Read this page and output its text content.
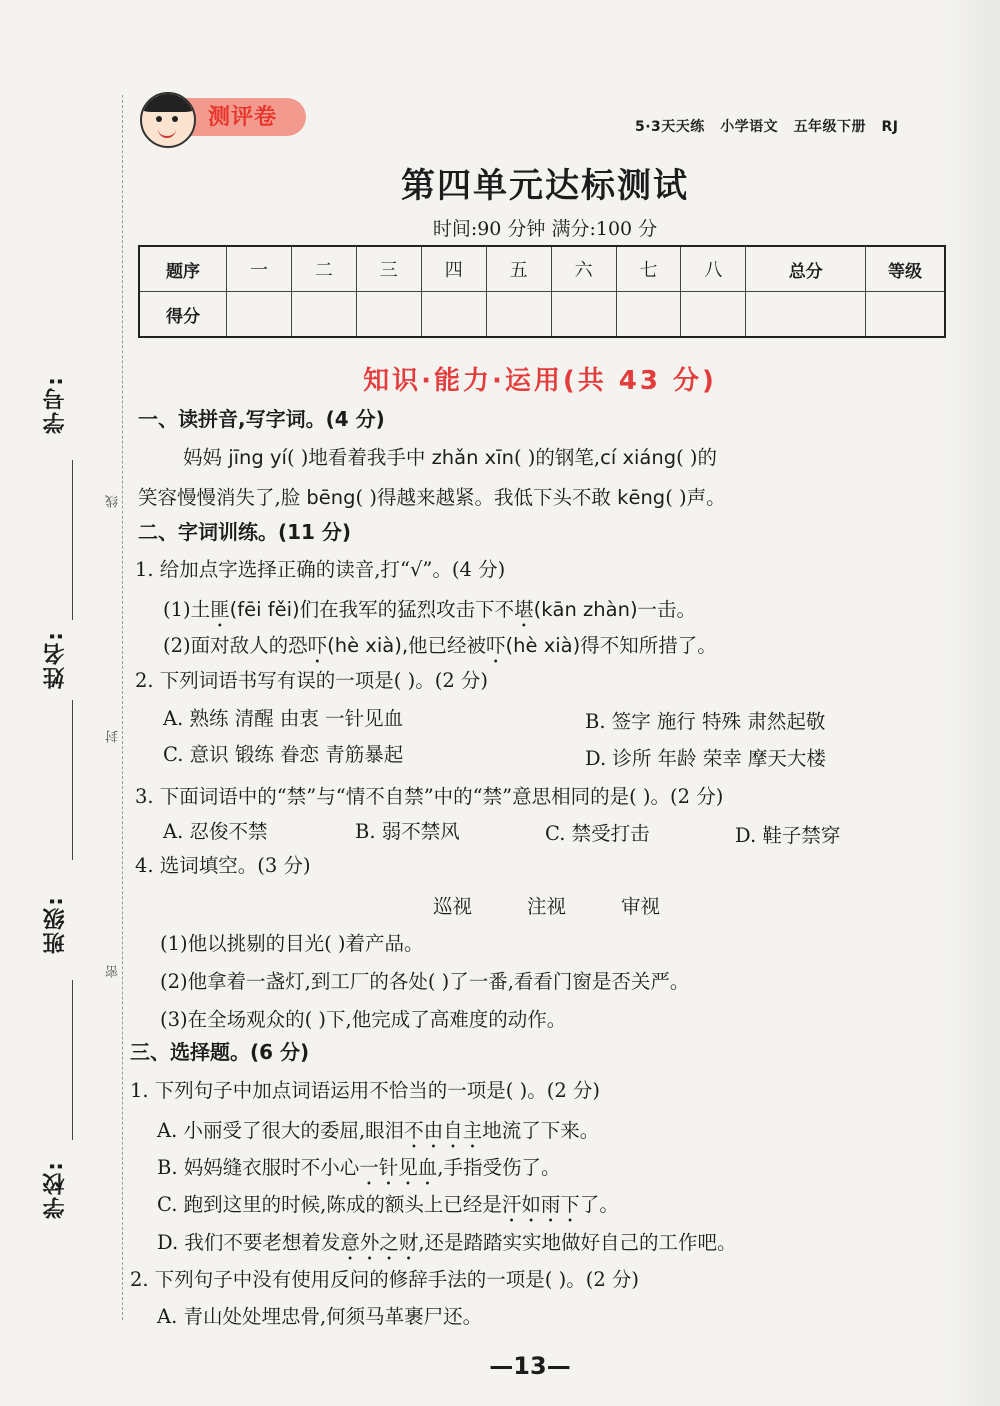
学号:
姓名:
班级:
学校:
线
封
密
测评卷	5·3天天练 小学语文 五年级下册 RJ
第四单元达标测试
时间:90 分钟 满分:100 分
题序	一	二	三	四	五	六	七	八	总分	等级
得分										
知识·能力·运用(共 43 分)
一、读拼音,写字词。(4 分)
妈妈 jīng yí( )地看着我手中 zhǎn xīn( )的钢笔,cí xiáng( )的
笑容慢慢消失了,脸 bēng( )得越来越紧。我低下头不敢 kēng( )声。
二、字词训练。(11 分)
1. 给加点字选择正确的读音,打“√”。(4 分)
(1)土匪(fēi fěi)们在我军的猛烈攻击下不堪(kān zhàn)一击。
(2)面对敌人的恐吓(hè xià),他已经被吓(hè xià)得不知所措了。
2. 下列词语书写有误的一项是( )。(2 分)
A. 熟练 清醒 由衷 一针见血	B. 签字 施行 特殊 肃然起敬
C. 意识 锻练 眷恋 青筋暴起	D. 诊所 年龄 荣幸 摩天大楼
3. 下面词语中的“禁”与“情不自禁”中的“禁”意思相同的是( )。(2 分)
A. 忍俊不禁	B. 弱不禁风	C. 禁受打击	D. 鞋子禁穿
4. 选词填空。(3 分)
巡视	注视	审视
(1)他以挑剔的目光( )着产品。
(2)他拿着一盏灯,到工厂的各处( )了一番,看看门窗是否关严。
(3)在全场观众的( )下,他完成了高难度的动作。
三、选择题。(6 分)
1. 下列句子中加点词语运用不恰当的一项是( )。(2 分)
A. 小丽受了很大的委屈,眼泪不由自主地流了下来。
B. 妈妈缝衣服时不小心一针见血,手指受伤了。
C. 跑到这里的时候,陈成的额头上已经是汗如雨下了。
D. 我们不要老想着发意外之财,还是踏踏实实地做好自己的工作吧。
2. 下列句子中没有使用反问的修辞手法的一项是( )。(2 分)
A. 青山处处埋忠骨,何须马革裹尸还。
—13—
